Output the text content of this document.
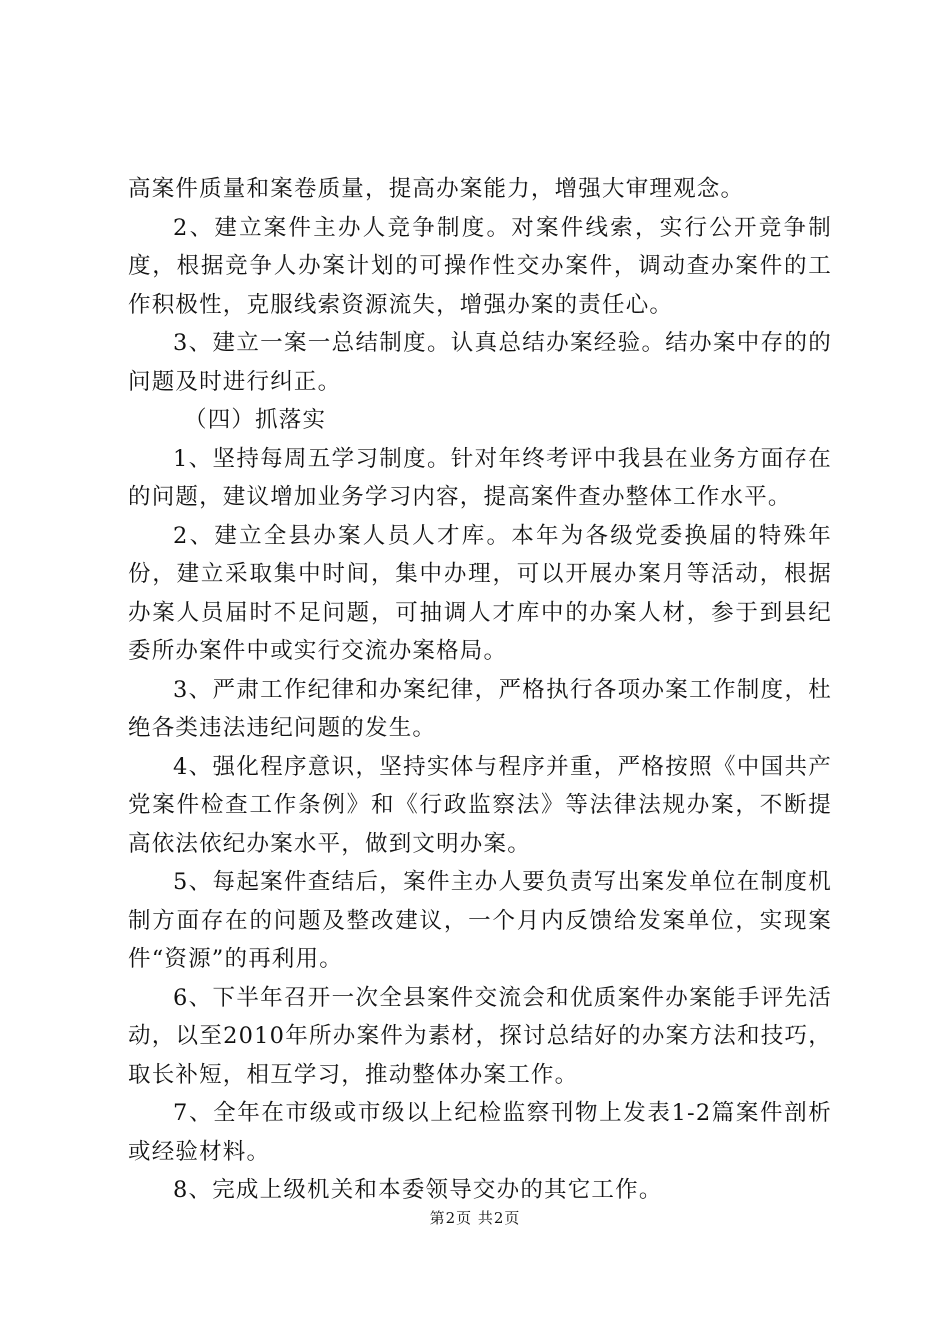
高案件质量和案卷质量，提高办案能力，增强大审理观念。

2、建立案件主办人竞争制度。对案件线索，实行公开竞争制度，根据竞争人办案计划的可操作性交办案件，调动查办案件的工作积极性，克服线索资源流失，增强办案的责任心。

3、建立一案一总结制度。认真总结办案经验。结办案中存的的问题及时进行纠正。

（四）抓落实

1、坚持每周五学习制度。针对年终考评中我县在业务方面存在的问题，建议增加业务学习内容，提高案件查办整体工作水平。

2、建立全县办案人员人才库。本年为各级党委换届的特殊年份，建立采取集中时间，集中办理，可以开展办案月等活动，根据办案人员届时不足问题，可抽调人才库中的办案人材，参于到县纪委所办案件中或实行交流办案格局。

3、严肃工作纪律和办案纪律，严格执行各项办案工作制度，杜绝各类违法违纪问题的发生。

4、强化程序意识，坚持实体与程序并重，严格按照《中国共产党案件检查工作条例》和《行政监察法》等法律法规办案，不断提高依法依纪办案水平，做到文明办案。

5、每起案件查结后，案件主办人要负责写出案发单位在制度机制方面存在的问题及整改建议，一个月内反馈给发案单位，实现案件“资源”的再利用。

6、下半年召开一次全县案件交流会和优质案件办案能手评先活动，以至2010年所办案件为素材，探讨总结好的办案方法和技巧，取长补短，相互学习，推动整体办案工作。

7、全年在市级或市级以上纪检监察刊物上发表1-2篇案件剖析或经验材料。

8、完成上级机关和本委领导交办的其它工作。

第2页 共2页
